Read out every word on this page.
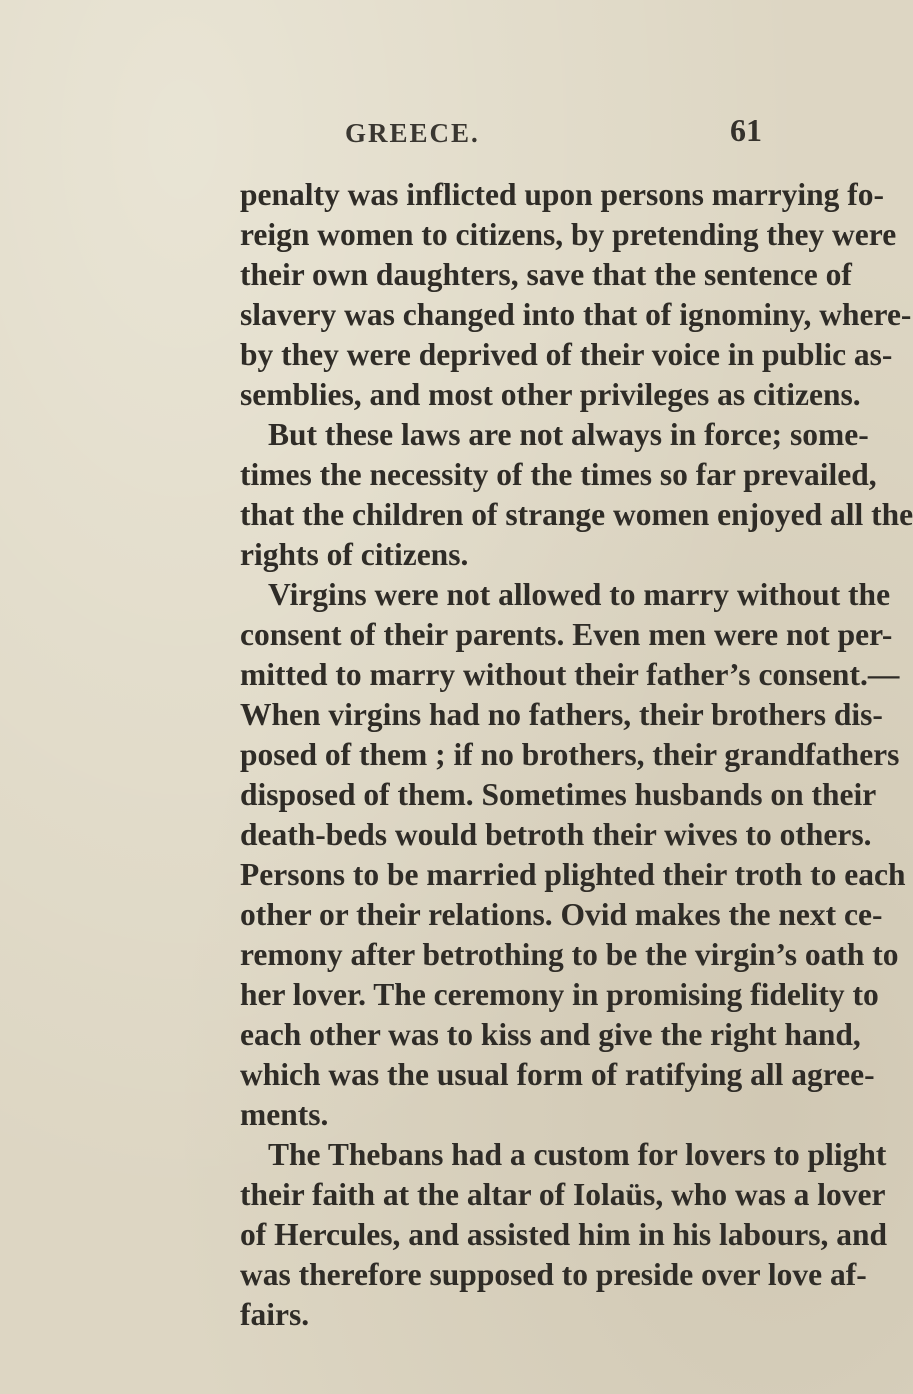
GREECE.	61
penalty was inflicted upon persons marrying fo-
reign women to citizens, by pretending they were
their own daughters, save that the sentence of
slavery was changed into that of ignominy, where-
by they were deprived of their voice in public as-
semblies, and most other privileges as citizens.
But these laws are not always in force; some-
times the necessity of the times so far prevailed,
that the children of strange women enjoyed all the
rights of citizens.
Virgins were not allowed to marry without the
consent of their parents. Even men were not per-
mitted to marry without their father’s consent.—
When virgins had no fathers, their brothers dis-
posed of them ; if no brothers, their grandfathers
disposed of them. Sometimes husbands on their
death-beds would betroth their wives to others.
Persons to be married plighted their troth to each
other or their relations. Ovid makes the next ce-
remony after betrothing to be the virgin’s oath to
her lover. The ceremony in promising fidelity to
each other was to kiss and give the right hand,
which was the usual form of ratifying all agree-
ments.
The Thebans had a custom for lovers to plight
their faith at the altar of Iolaüs, who was a lover
of Hercules, and assisted him in his labours, and
was therefore supposed to preside over love af-
fairs.
